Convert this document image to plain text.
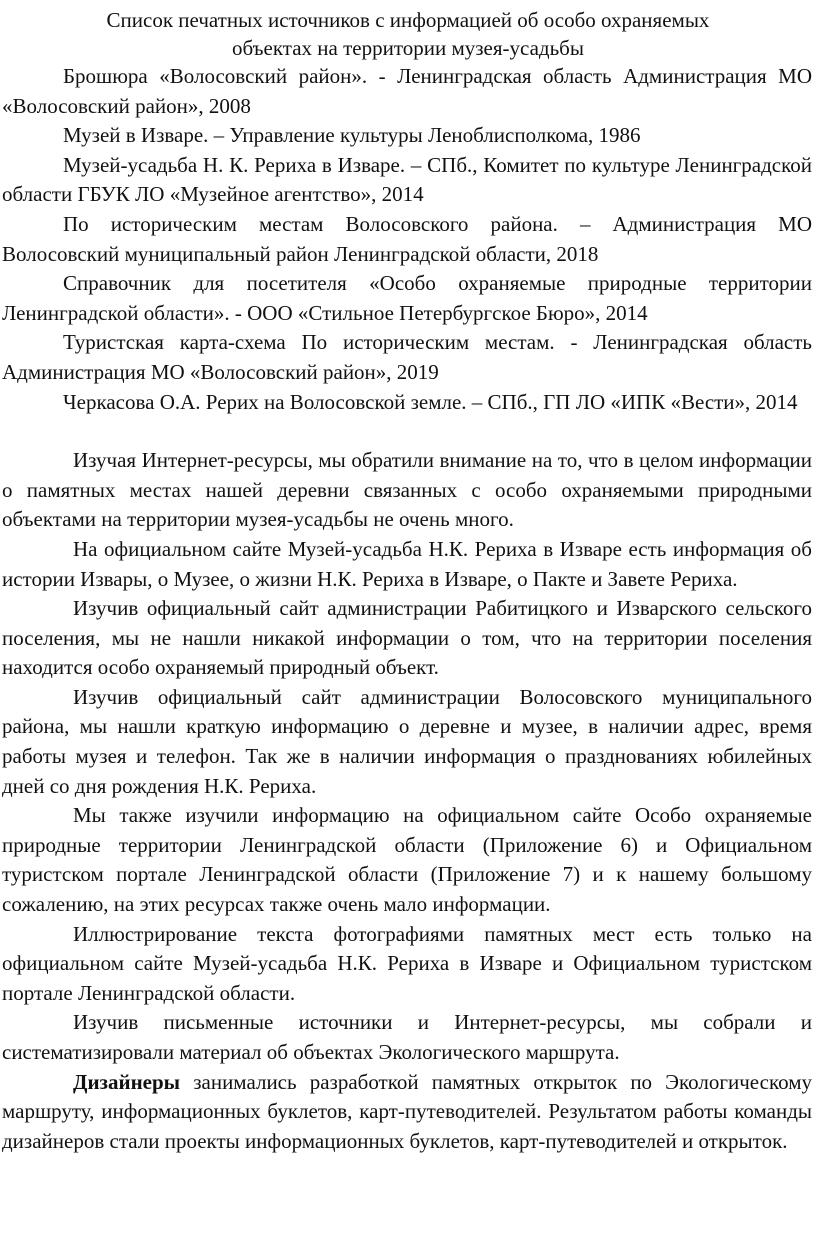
Список печатных источников с информацией об особо охраняемых
объектах на территории музея-усадьбы

Брошюра «Волосовский район». - Ленинградская область Администрация МО «Волосовский район», 2008

Музей в Изваре. – Управление культуры Леноблисполкома, 1986

Музей-усадьба Н. К. Рериха в Изваре. – СПб., Комитет по культуре Ленинградской области ГБУК ЛО «Музейное агентство», 2014

По историческим местам Волосовского района. – Администрация МО Волосовский муниципальный район Ленинградской области, 2018

Справочник для посетителя «Особо охраняемые природные территории Ленинградской области». - ООО «Стильное Петербургское Бюро», 2014

Туристская карта-схема По историческим местам. - Ленинградская область Администрация МО «Волосовский район», 2019

Черкасова О.А. Рерих на Волосовской земле. – СПб., ГП ЛО «ИПК «Вести», 2014

Изучая Интернет-ресурсы, мы обратили внимание на то, что в целом информации о памятных местах нашей деревни связанных с особо охраняемыми природными объектами на территории музея-усадьбы не очень много.

На официальном сайте Музей-усадьба Н.К. Рериха в Изваре есть информация об истории Извары, о Музее, о жизни Н.К. Рериха в Изваре, о Пакте и Завете Рериха.

Изучив официальный сайт администрации Рабитицкого и Изварского сельского поселения, мы не нашли никакой информации о том, что на территории поселения находится особо охраняемый природный объект.

Изучив официальный сайт администрации Волосовского муниципального района, мы нашли краткую информацию о деревне и музее, в наличии адрес, время работы музея и телефон. Так же в наличии информация о празднованиях юбилейных дней со дня рождения Н.К. Рериха.

Мы также изучили информацию на официальном сайте Особо охраняемые природные территории Ленинградской области (Приложение 6) и Официальном туристском портале Ленинградской области (Приложение 7) и к нашему большому сожалению, на этих ресурсах также очень мало информации.

Иллюстрирование текста фотографиями памятных мест есть только на официальном сайте Музей-усадьба Н.К. Рериха в Изваре и Официальном туристском портале Ленинградской области.

Изучив письменные источники и Интернет-ресурсы, мы собрали и систематизировали материал об объектах Экологического маршрута.

Дизайнеры занимались разработкой памятных открыток по Экологическому маршруту, информационных буклетов, карт-путеводителей. Результатом работы команды дизайнеров стали проекты информационных буклетов, карт-путеводителей и открыток.
